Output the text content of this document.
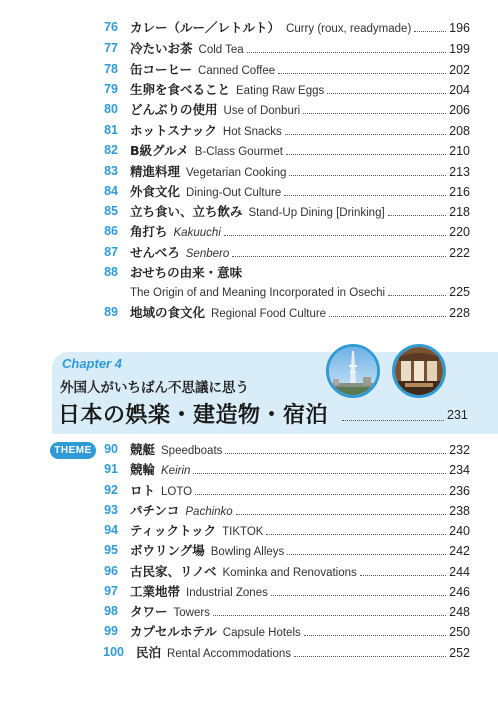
76 カレー（ルー／レトルト） Curry (roux, readymade)	196
77 冷たいお茶 Cold Tea	199
78 缶コーヒー Canned Coffee	202
79 生卵を食べること Eating Raw Eggs	204
80 どんぶりの使用 Use of Donburi	206
81 ホットスナック Hot Snacks	208
82 B級グルメ B-Class Gourmet	210
83 精進料理 Vegetarian Cooking	213
84 外食文化 Dining-Out Culture	216
85 立ち食い、立ち飲み Stand-Up Dining [Drinking]	218
86 角打ち Kakuuchi	220
87 せんべろ Senbero	222
88 おせちの由来・意味
The Origin of and Meaning Incorporated in Osechi	225
89 地域の食文化 Regional Food Culture	228
Chapter 4
外国人がいちばん不思議に思う
日本の娯楽・建造物・宿泊	231
THEME 90 競艇 Speedboats	232
91 競輪 Keirin	234
92 ロト LOTO	236
93 パチンコ Pachinko	238
94 ティックトック TIKTOK	240
95 ボウリング場 Bowling Alleys	242
96 古民家、リノベ Kominka and Renovations	244
97 工業地帯 Industrial Zones	246
98 タワー Towers	248
99 カプセルホテル Capsule Hotels	250
100 民泊 Rental Accommodations	252
